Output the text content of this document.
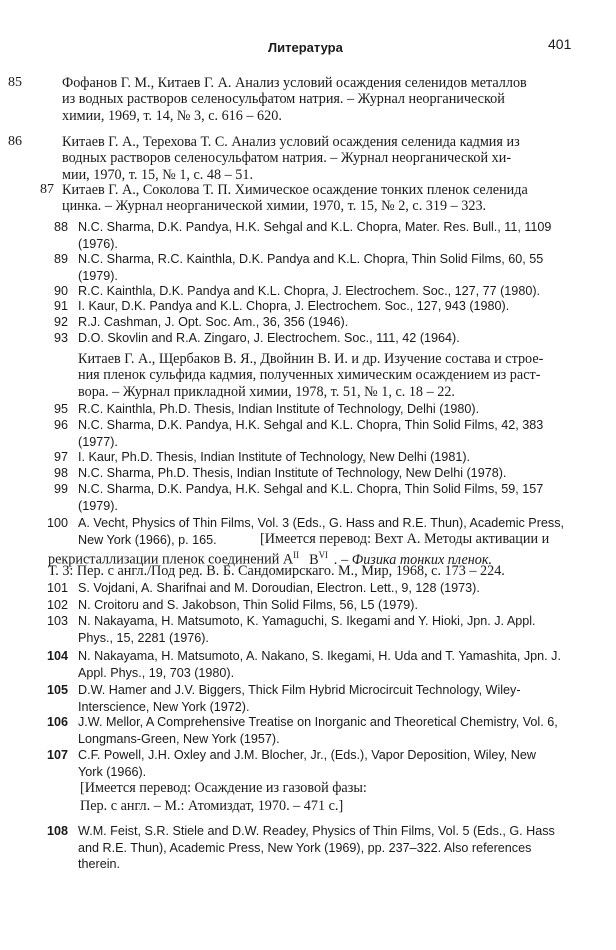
Литература	401
85	Фофанов Г. М., Китаев Г. А. Анализ условий осаждения селенидов металлов
из водных растворов селеносульфатом натрия. – Журнал неорганической
химии, 1969, т. 14, № 3, с. 616 – 620.
86	Китаев Г. А., Терехова Т. С. Анализ условий осаждения селенида кадмия из
водных растворов селеносульфатом натрия. – Журнал неорганической хи-
мии, 1970, т. 15, № 1, с. 48 – 51.
87 Китаев Г. А., Соколова Т. П. Химическое осаждение тонких пленок селенида
цинка. – Журнал неорганической химии, 1970, т. 15, № 2, с. 319 – 323.
88 N.C. Sharma, D.K. Pandya, H.K. Sehgal and K.L. Chopra, Mater. Res. Bull., 11, 1109
(1976).
89 N.C. Sharma, R.C. Kainthla, D.K. Pandya and K.L. Chopra, Thin Solid Films, 60, 55
(1979).
90 R.C. Kainthla, D.K. Pandya and K.L. Chopra, J. Electrochem. Soc., 127, 77 (1980).
91 I. Kaur, D.K. Pandya and K.L. Chopra, J. Electrochem. Soc., 127, 943 (1980).
92 R.J. Cashman, J. Opt. Soc. Am., 36, 356 (1946).
93 D.O. Skovlin and R.A. Zingaro, J. Electrochem. Soc., 111, 42 (1964).
Китаев Г. А., Щербаков В. Я., Двойнин В. И. и др. Изучение состава и строе-
ния пленок сульфида кадмия, полученных химическим осаждением из раст-
вора. – Журнал прикладной химии, 1978, т. 51, № 1, с. 18 – 22.
95 R.C. Kainthla, Ph.D. Thesis, Indian Institute of Technology, Delhi (1980).
96 N.C. Sharma, D.K. Pandya, H.K. Sehgal and K.L. Chopra, Thin Solid Films, 42, 383
(1977).
97 I. Kaur, Ph.D. Thesis, Indian Institute of Technology, New Delhi (1981).
98 N.C. Sharma, Ph.D. Thesis, Indian Institute of Technology, New Delhi (1978).
99 N.C. Sharma, D.K. Pandya, H.K. Sehgal and K.L. Chopra, Thin Solid Films, 59, 157
(1979).
100 A. Vecht, Physics of Thin Films, Vol. 3 (Eds., G. Hass and R.E. Thun), Academic Press,
New York (1966), p. 165.	[Имеется перевод: Вехт А. Методы активации и
рекристаллизации пленок соединений $A^{II}$ $B^{VI}$ . – Физика тонких пленок.
Т. 3: Пер. с англ./Под ред. В. Б. Сандомирскаго. М., Мир, 1968, с. 173 – 224.
101 S. Vojdani, A. Sharifnai and M. Doroudian, Electron. Lett., 9, 128 (1973).
102 N. Croitoru and S. Jakobson, Thin Solid Films, 56, L5 (1979).
103 N. Nakayama, H. Matsumoto, K. Yamaguchi, S. Ikegami and Y. Hioki, Jpn. J. Appl.
Phys., 15, 2281 (1976).
104 N. Nakayama, H. Matsumoto, A. Nakano, S. Ikegami, H. Uda and T. Yamashita, Jpn. J.
Appl. Phys., 19, 703 (1980).
105 D.W. Hamer and J.V. Biggers, Thick Film Hybrid Microcircuit Technology, Wiley-
Interscience, New York (1972).
106 J.W. Mellor, A Comprehensive Treatise on Inorganic and Theoretical Chemistry, Vol. 6,
Longmans-Green, New York (1957).
107 C.F. Powell, J.H. Oxley and J.M. Blocher, Jr., (Eds.), Vapor Deposition, Wiley, New
York (1966).
[Имеется перевод: Осаждение из газовой фазы:
Пер. с англ. – М.: Атомиздат, 1970. – 471 с.]
108 W.M. Feist, S.R. Stiele and D.W. Readey, Physics of Thin Films, Vol. 5 (Eds., G. Hass
and R.E. Thun), Academic Press, New York (1969), pp. 237–322. Also references
therein.
